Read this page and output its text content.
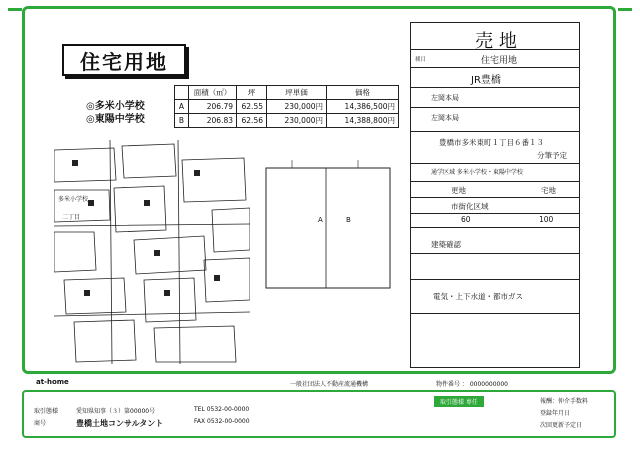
住宅用地
◎多米小学校
◎東陽中学校
	面積（㎡）	坪	坪単価	価格
A	206.79	62.55	230,000円	14,386,500円
B	206.83	62.56	230,000円	14,388,800円
多米小学校
二丁目	A	B
売 地
種目	住宅用地
JR豊橋
左岡本局
左岡本局
豊橋市多米東町１丁目６番１３
分筆予定
通学区域 多米小学校・東陽中学校
更地	宅地
市街化区域
60	100
建築確認
電気・上下水道・都市ガス
at-home	一般社団法人不動産流通機構	物件番号 ： 0000000000
取引態様
商号
愛知県知事（３）第00000号
豊橋土地コンサルタント
TEL 0532-00-0000
FAX 0532-00-0000
取引態様 専任	報酬：仲介手数料
登録年月日
次回更新予定日
